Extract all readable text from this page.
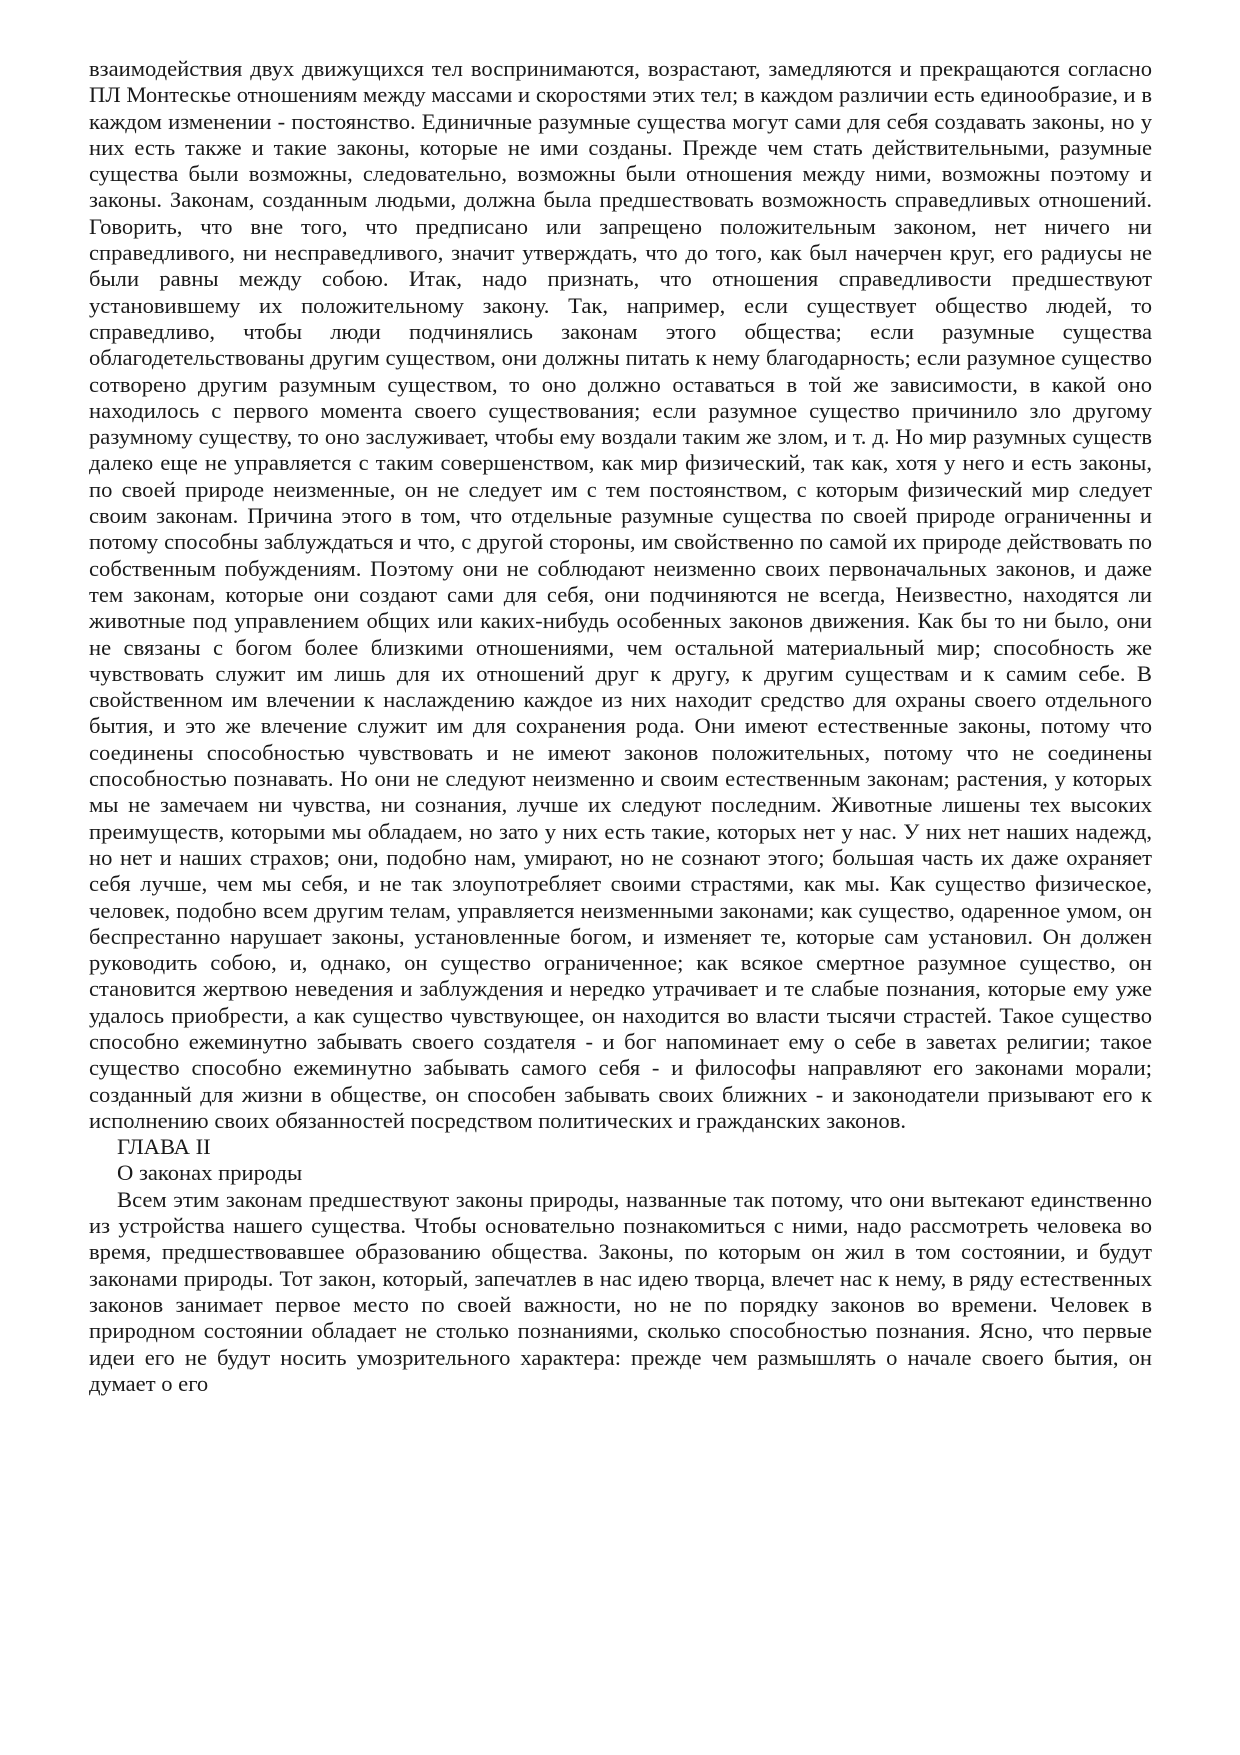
взаимодействия двух движущихся тел воспринимаются, возрастают, замедляются и прекращаются согласно ПЛ Монтескье отношениям между массами и скоростями этих тел; в каждом различии есть единообразие, и в каждом изменении - постоянство. Единичные разумные существа могут сами для себя создавать законы, но у них есть также и такие законы, которые не ими созданы. Прежде чем стать действительными, разумные существа были возможны, следовательно, возможны были отношения между ними, возможны поэтому и законы. Законам, созданным людьми, должна была предшествовать возможность справедливых отношений. Говорить, что вне того, что предписано или запрещено положительным законом, нет ничего ни справедливого, ни несправедливого, значит утверждать, что до того, как был начерчен круг, его радиусы не были равны между собою. Итак, надо признать, что отношения справедливости предшествуют установившему их положительному закону. Так, например, если существует общество людей, то справедливо, чтобы люди подчинялись законам этого общества; если разумные существа облагодетельствованы другим существом, они должны питать к нему благодарность; если разумное существо сотворено другим разумным существом, то оно должно оставаться в той же зависимости, в какой оно находилось с первого момента своего существования; если разумное существо причинило зло другому разумному существу, то оно заслуживает, чтобы ему воздали таким же злом, и т. д. Но мир разумных существ далеко еще не управляется с таким совершенством, как мир физический, так как, хотя у него и есть законы, по своей природе неизменные, он не следует им с тем постоянством, с которым физический мир следует своим законам. Причина этого в том, что отдельные разумные существа по своей природе ограниченны и потому способны заблуждаться и что, с другой стороны, им свойственно по самой их природе действовать по собственным побуждениям. Поэтому они не соблюдают неизменно своих первоначальных законов, и даже тем законам, которые они создают сами для себя, они подчиняются не всегда, Неизвестно, находятся ли животные под управлением общих или каких-нибудь особенных законов движения. Как бы то ни было, они не связаны с богом более близкими отношениями, чем остальной материальный мир; способность же чувствовать служит им лишь для их отношений друг к другу, к другим существам и к самим себе. В свойственном им влечении к наслаждению каждое из них находит средство для охраны своего отдельного бытия, и это же влечение служит им для сохранения рода. Они имеют естественные законы, потому что соединены способностью чувствовать и не имеют законов положительных, потому что не соединены способностью познавать. Но они не следуют неизменно и своим естественным законам; растения, у которых мы не замечаем ни чувства, ни сознания, лучше их следуют последним. Животные лишены тех высоких преимуществ, которыми мы обладаем, но зато у них есть такие, которых нет у нас. У них нет наших надежд, но нет и наших страхов; они, подобно нам, умирают, но не сознают этого; большая часть их даже охраняет себя лучше, чем мы себя, и не так злоупотребляет своими страстями, как мы. Как существо физическое, человек, подобно всем другим телам, управляется неизменными законами; как существо, одаренное умом, он беспрестанно нарушает законы, установленные богом, и изменяет те, которые сам установил. Он должен руководить собою, и, однако, он существо ограниченное; как всякое смертное разумное существо, он становится жертвою неведения и заблуждения и нередко утрачивает и те слабые познания, которые ему уже удалось приобрести, а как существо чувствующее, он находится во власти тысячи страстей. Такое существо способно ежеминутно забывать своего создателя - и бог напоминает ему о себе в заветах религии; такое существо способно ежеминутно забывать самого себя - и философы направляют его законами морали; созданный для жизни в обществе, он способен забывать своих ближних - и законодатели призывают его к исполнению своих обязанностей посредством политических и гражданских законов.

ГЛАВА II

О законах природы

Всем этим законам предшествуют законы природы, названные так потому, что они вытекают единственно из устройства нашего существа. Чтобы основательно познакомиться с ними, надо рассмотреть человека во время, предшествовавшее образованию общества. Законы, по которым он жил в том состоянии, и будут законами природы. Тот закон, который, запечатлев в нас идею творца, влечет нас к нему, в ряду естественных законов занимает первое место по своей важности, но не по порядку законов во времени. Человек в природном состоянии обладает не столько познаниями, сколько способностью познания. Ясно, что первые идеи его не будут носить умозрительного характера: прежде чем размышлять о начале своего бытия, он думает о его
